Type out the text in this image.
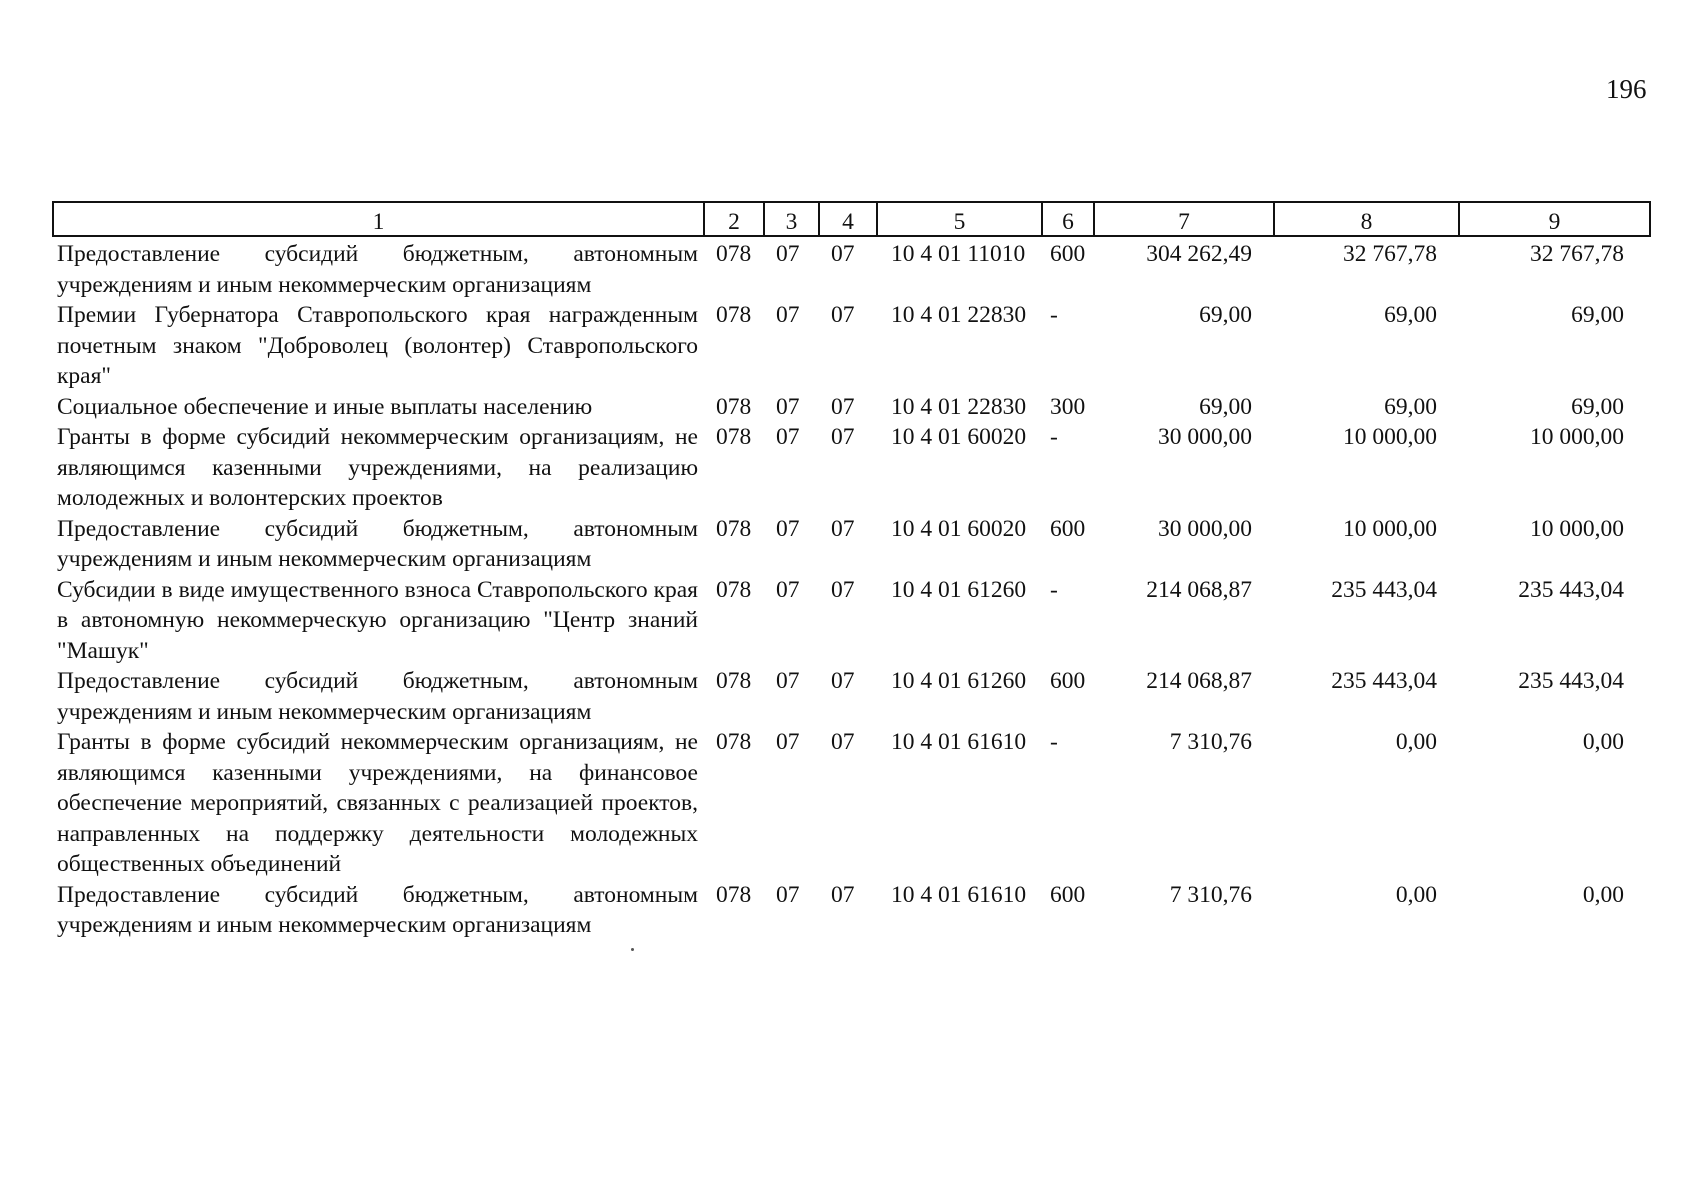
196
1	2	3	4	5	6	7	8	9
Предоставление субсидий бюджетным, автономным учреждениям и иным некоммерческим организациям	078	07	07	10 4 01 11010	600	304 262,49	32 767,78	32 767,78
Премии Губернатора Ставропольского края награжденным почетным знаком "Доброволец (волонтер) Ставропольского края"	078	07	07	10 4 01 22830	-	69,00	69,00	69,00
Социальное обеспечение и иные выплаты населению	078	07	07	10 4 01 22830	300	69,00	69,00	69,00
Гранты в форме субсидий некоммерческим организациям, не являющимся казенными учреждениями, на реализацию молодежных и волонтерских проектов	078	07	07	10 4 01 60020	-	30 000,00	10 000,00	10 000,00
Предоставление субсидий бюджетным, автономным учреждениям и иным некоммерческим организациям	078	07	07	10 4 01 60020	600	30 000,00	10 000,00	10 000,00
Субсидии в виде имущественного взноса Ставропольского края в автономную некоммерческую организацию "Центр знаний "Машук"	078	07	07	10 4 01 61260	-	214 068,87	235 443,04	235 443,04
Предоставление субсидий бюджетным, автономным учреждениям и иным некоммерческим организациям	078	07	07	10 4 01 61260	600	214 068,87	235 443,04	235 443,04
Гранты в форме субсидий некоммерческим организациям, не являющимся казенными учреждениями, на финансовое обеспечение мероприятий, связанных с реализацией проектов, направленных на поддержку деятельности молодежных общественных объединений	078	07	07	10 4 01 61610	-	7 310,76	0,00	0,00
Предоставление субсидий бюджетным, автономным учреждениям и иным некоммерческим организациям	078	07	07	10 4 01 61610	600	7 310,76	0,00	0,00
